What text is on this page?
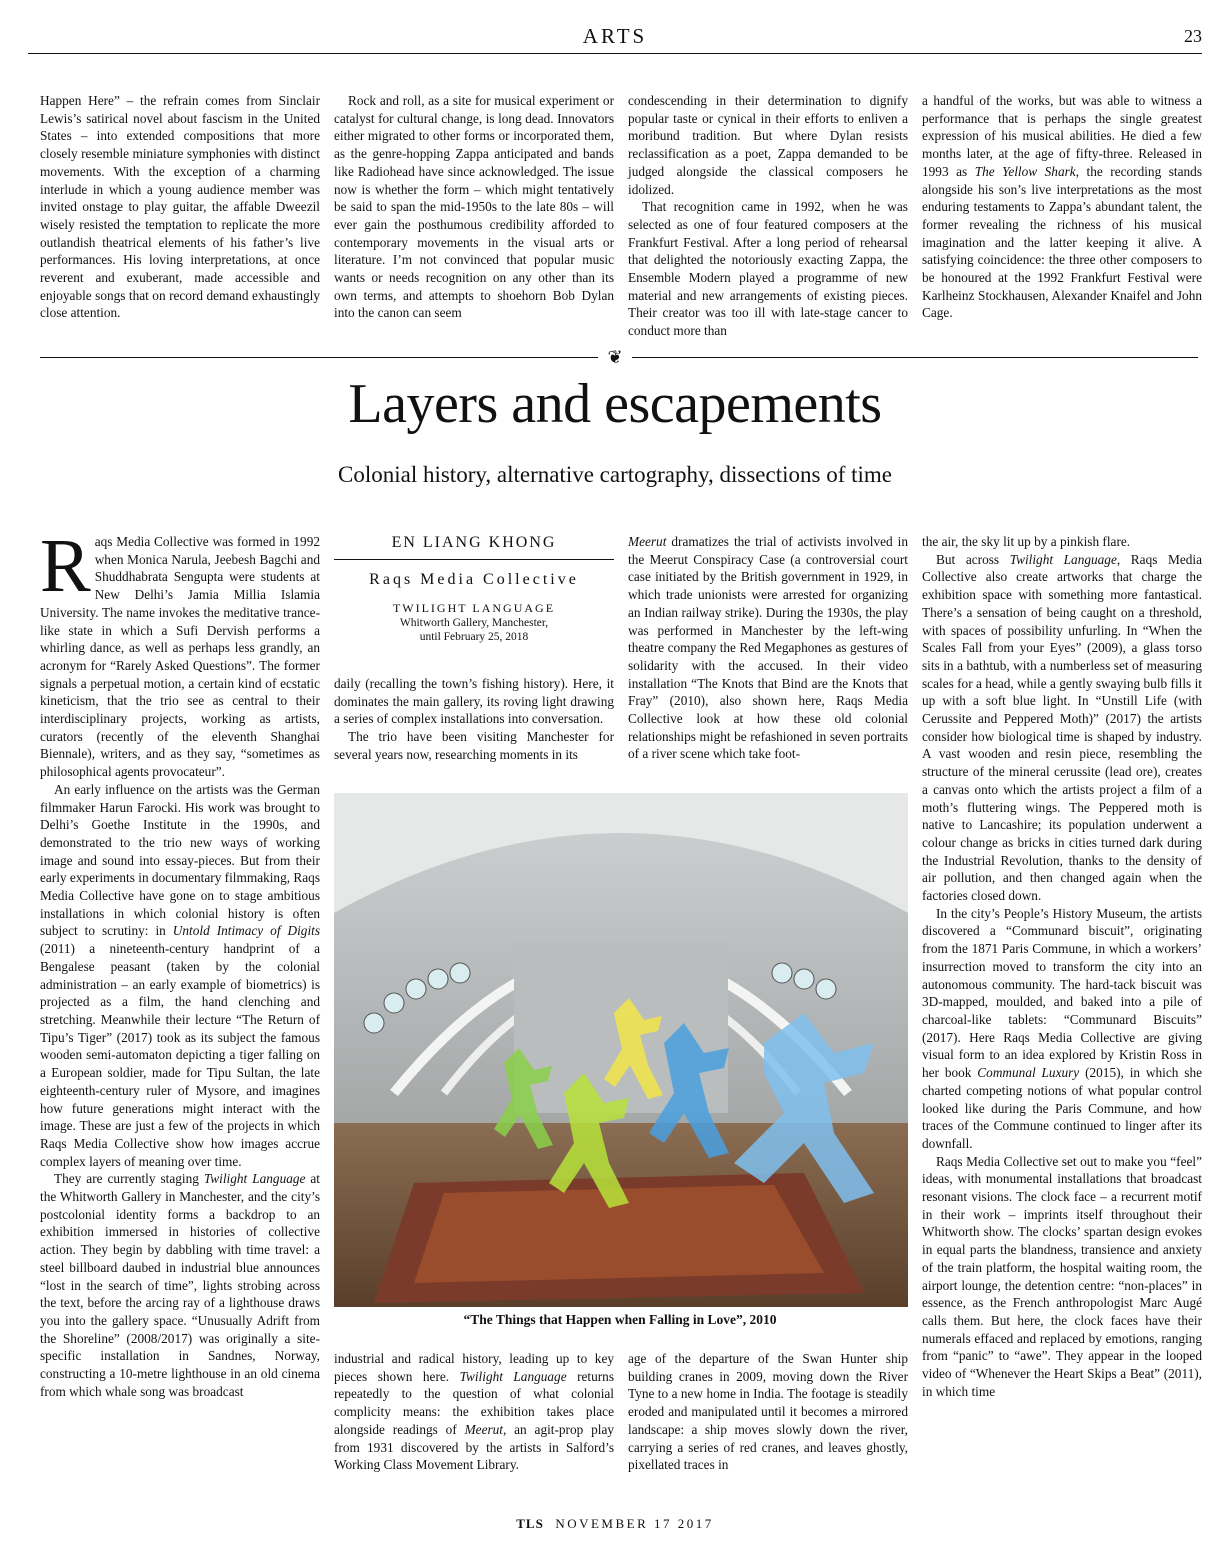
ARTS	23

Happen Here” – the refrain comes from Sinclair Lewis’s satirical novel about fascism in the United States – into extended compositions that more closely resemble miniature symphonies with distinct movements. With the exception of a charming interlude in which a young audience member was invited onstage to play guitar, the affable Dweezil wisely resisted the temptation to replicate the more outlandish theatrical elements of his father’s live performances. His loving interpretations, at once reverent and exuberant, made accessible and enjoyable songs that on record demand exhaustingly close attention.

Rock and roll, as a site for musical experiment or catalyst for cultural change, is long dead. Innovators either migrated to other forms or incorporated them, as the genre-hopping Zappa anticipated and bands like Radiohead have since acknowledged. The issue now is whether the form – which might tentatively be said to span the mid-1950s to the late 80s – will ever gain the posthumous credibility afforded to contemporary movements in the visual arts or literature. I’m not convinced that popular music wants or needs recognition on any other than its own terms, and attempts to shoehorn Bob Dylan into the canon can seem

condescending in their determination to dignify popular taste or cynical in their efforts to enliven a moribund tradition. But where Dylan resists reclassification as a poet, Zappa demanded to be judged alongside the classical composers he idolized.

That recognition came in 1992, when he was selected as one of four featured composers at the Frankfurt Festival. After a long period of rehearsal that delighted the notoriously exacting Zappa, the Ensemble Modern played a programme of new material and new arrangements of existing pieces. Their creator was too ill with late-stage cancer to conduct more than

a handful of the works, but was able to witness a performance that is perhaps the single greatest expression of his musical abilities. He died a few months later, at the age of fifty-three. Released in 1993 as The Yellow Shark, the recording stands alongside his son’s live interpretations as the most enduring testaments to Zappa’s abundant talent, the former revealing the richness of his musical imagination and the latter keeping it alive. A satisfying coincidence: the three other composers to be honoured at the 1992 Frankfurt Festival were Karlheinz Stockhausen, Alexander Knaifel and John Cage.

❦
Layers and escapements
Colonial history, alternative cartography, dissections of time

Raqs Media Collective was formed in 1992 when Monica Narula, Jeebesh Bagchi and Shuddhabrata Sengupta were students at New Delhi’s Jamia Millia Islamia University. The name invokes the meditative trance-like state in which a Sufi Dervish performs a whirling dance, as well as perhaps less grandly, an acronym for “Rarely Asked Questions”. The former signals a perpetual motion, a certain kind of ecstatic kineticism, that the trio see as central to their interdisciplinary projects, working as artists, curators (recently of the eleventh Shanghai Biennale), writers, and as they say, “sometimes as philosophical agents provocateur”.

An early influence on the artists was the German filmmaker Harun Farocki. His work was brought to Delhi’s Goethe Institute in the 1990s, and demonstrated to the trio new ways of working image and sound into essay-pieces. But from their early experiments in documentary filmmaking, Raqs Media Collective have gone on to stage ambitious installations in which colonial history is often subject to scrutiny: in Untold Intimacy of Digits (2011) a nineteenth-century handprint of a Bengalese peasant (taken by the colonial administration – an early example of biometrics) is projected as a film, the hand clenching and stretching. Meanwhile their lecture “The Return of Tipu’s Tiger” (2017) took as its subject the famous wooden semi-automaton depicting a tiger falling on a European soldier, made for Tipu Sultan, the late eighteenth-century ruler of Mysore, and imagines how future generations might interact with the image. These are just a few of the projects in which Raqs Media Collective show how images accrue complex layers of meaning over time.

They are currently staging Twilight Language at the Whitworth Gallery in Manchester, and the city’s postcolonial identity forms a backdrop to an exhibition immersed in histories of collective action. They begin by dabbling with time travel: a steel billboard daubed in industrial blue announces “lost in the search of time”, lights strobing across the text, before the arcing ray of a lighthouse draws you into the gallery space. “Unusually Adrift from the Shoreline” (2008/2017) was originally a site-specific installation in Sandnes, Norway, constructing a 10-metre lighthouse in an old cinema from which whale song was broadcast

EN LIANG KHONG
Raqs Media Collective
TWILIGHT LANGUAGE
Whitworth Gallery, Manchester,
until February 25, 2018

daily (recalling the town’s fishing history). Here, it dominates the main gallery, its roving light drawing a series of complex installations into conversation.

The trio have been visiting Manchester for several years now, researching moments in its

Meerut dramatizes the trial of activists involved in the Meerut Conspiracy Case (a controversial court case initiated by the British government in 1929, in which trade unionists were arrested for organizing an Indian railway strike). During the 1930s, the play was performed in Manchester by the left-wing theatre company the Red Megaphones as gestures of solidarity with the accused. In their video installation “The Knots that Bind are the Knots that Fray” (2010), also shown here, Raqs Media Collective look at how these old colonial relationships might be refashioned in seven portraits of a river scene which take foot-

“The Things that Happen when Falling in Love”, 2010

industrial and radical history, leading up to key pieces shown here. Twilight Language returns repeatedly to the question of what colonial complicity means: the exhibition takes place alongside readings of Meerut, an agit-prop play from 1931 discovered by the artists in Salford’s Working Class Movement Library.

age of the departure of the Swan Hunter ship building cranes in 2009, moving down the River Tyne to a new home in India. The footage is steadily eroded and manipulated until it becomes a mirrored landscape: a ship moves slowly down the river, carrying a series of red cranes, and leaves ghostly, pixellated traces in

the air, the sky lit up by a pinkish flare.

But across Twilight Language, Raqs Media Collective also create artworks that charge the exhibition space with something more fantastical. There’s a sensation of being caught on a threshold, with spaces of possibility unfurling. In “When the Scales Fall from your Eyes” (2009), a glass torso sits in a bathtub, with a numberless set of measuring scales for a head, while a gently swaying bulb fills it up with a soft blue light. In “Unstill Life (with Cerussite and Peppered Moth)” (2017) the artists consider how biological time is shaped by industry. A vast wooden and resin piece, resembling the structure of the mineral cerussite (lead ore), creates a canvas onto which the artists project a film of a moth’s fluttering wings. The Peppered moth is native to Lancashire; its population underwent a colour change as bricks in cities turned dark during the Industrial Revolution, thanks to the density of air pollution, and then changed again when the factories closed down.

In the city’s People’s History Museum, the artists discovered a “Communard biscuit”, originating from the 1871 Paris Commune, in which a workers’ insurrection moved to transform the city into an autonomous community. The hard-tack biscuit was 3D-mapped, moulded, and baked into a pile of charcoal-like tablets: “Communard Biscuits” (2017). Here Raqs Media Collective are giving visual form to an idea explored by Kristin Ross in her book Communal Luxury (2015), in which she charted competing notions of what popular control looked like during the Paris Commune, and how traces of the Commune continued to linger after its downfall.

Raqs Media Collective set out to make you “feel” ideas, with monumental installations that broadcast resonant visions. The clock face – a recurrent motif in their work – imprints itself throughout their Whitworth show. The clocks’ spartan design evokes in equal parts the blandness, transience and anxiety of the train platform, the hospital waiting room, the airport lounge, the detention centre: “non-places” in essence, as the French anthropologist Marc Augé calls them. But here, the clock faces have their numerals effaced and replaced by emotions, ranging from “panic” to “awe”. They appear in the looped video of “Whenever the Heart Skips a Beat” (2011), in which time

TLS NOVEMBER 17 2017
